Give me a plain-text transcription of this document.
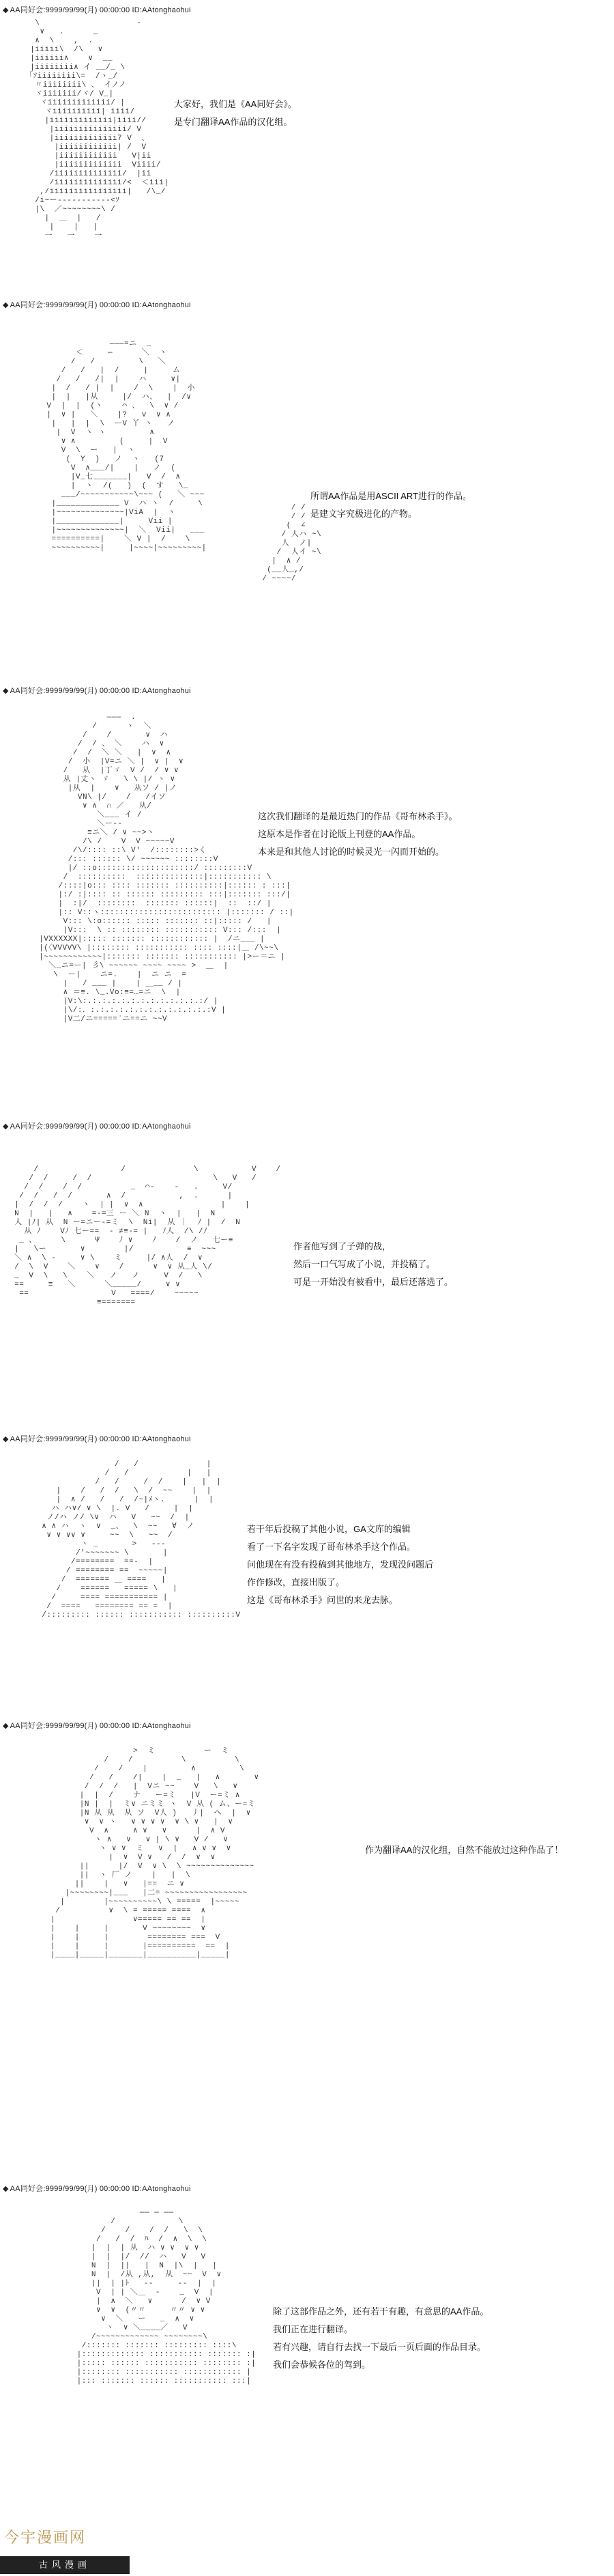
◆ AA同好会:9999/99/99(月) 00:00:00 ID:AAtonghaohui
\                    -
∨   .      _
∧  \    ,  .
|iiiii\  /\   ∨
|iiiiii∧    ∨  __
|iiiiiiii∧ イ __/_ \
「ｿiiiiiiii\=  /ヽ_/
〃iiiiiiii\ 、 イノノ
ヾiiiiiii/ヾ/ V_|
ヾiiiiiiiiiiiii/ |
ヾiiiiiiiiii| iiii/
|iiiiiiiiiiiii|iiii//
|iiiiiiiiiiiiiii/ V
|iiiiiiiiiiiii7 V  、
|iiiiiiiiiiii| /  V
|iiiiiiiiiiii   V|ii
|iiiiiiiiiiiii  Viiii/
/iiiiiiiiiiiiii/  |ii
/iiiiiiiiiiiiii/<  ＜iii|
,/iiiiiiiiiiiiiiii|   /\_/
/i~ー----‐--‐---<ｿ
|\  ／~~~~~~~~\ /
|  ＿  |   /
|    |   |
一   一    一

大家好，我们是《AA同好会》。

是专门翻译AA作品的汉化组。

◆ AA同好会:9999/99/99(月) 00:00:00 ID:AAtonghaohui
―――=ニ  _
＜     ―      ＼  ヽ
/   /         \   ＼
/   /   |  /     |     ム
/   /   /|  |    ハ     ∨|
|  /   / |  |    /  \    |  小
|  |   |从     |/  ハ、  |  /∨
V  |  |  (ヽ    ⌒ 、  \  ∨ /
|  ∨ |   ＼    |?   v  ∨ ∧
|   |  |  \  ーV 丫 ヽ   ノ
|  V  ヽ ヽ         ∧
∨ ∧         (     |  V
V  \  ー   |  ヽ
(  Y  )   ノ  ヽ   (7
V  ∧___/|    |   ノ  (
|V_七_______|   V  /  ∧
|  ヽ  /(   )  (  す   \_
___/~~~~~~~~~~~\~~~ (   ＼ ~~~
|_____________ V  ハ ヽ  /     \
|~~~~~~~~~~~~~~|ViA  |  ヽ
|_____________|     Vii |
|~~~~~~~~~~~~~~|  ＼  Vii|   ___
==========|    ＼ V |  /    \
~~~~~~~~~~|     |~~~~|~~~~~~~~~|
/ /
/ /
(  ∠
/ 人ハ ~\
人  ノ|
/  人イ ~\
|  ∧ /
(__人_,/
/ ~~~~/

所谓AA作品是用ASCII ART进行的作品。

是建文字究极进化的产物。

◆ AA同好会:9999/99/99(月) 00:00:00 ID:AAtonghaohui
―――  .
/      ヽ  ＼
/    /       ∨  ハ
/  / 、 ＼    ハ  ∨
/  /  ＼ ＼   |  ∨  ∧
/  小  |V=ニ ＼ |  ∨ |  ∨
/   从  |丁ゞ  V /  / ∨ ∨
从 |丈ヽ ゞ   \ \ |/ ヽ ∨
|从  |    ∨   从ソ / |ノ
VN\ |/    /   /イソ
∨ ∧  ∩ ／   从/
＼___ イ /
＼ー‐-
≡ニ＼ / ∨ ~~>ヽ
/\ /    V  V ~~~~~V
/\/:::: ::\ V'  /::::::::>く
/::: :::::: \/ ~~~~~~ ::::::::V
|/ ::o::::::::::::::::::::/ :::::::::V
/  ::::::::::  ::::::::::::::|::::::::::: \
/::::|o::: :::: ::::::: ::::::::::|:::::: : :::|
|:/ :|:::: :: :::::: ::::::::: :::|::::::: :::/|
|  :|/  ::::::::  ::::::: ::::::|  ::  ::/ |
|:: V::ヽ::::::::::::::::::::::::: |::::::: / ::|
V::: \:o:::::: ::::: ::::::: ::|::::: /   |
|V:::  \ :: :::::::: ::::::::::: V::: /:::  |
|VXXXXXX|::::: ::::::: :::::::::::: |  /ニ___ |
|(〈VVVVV\ |:::::::: ::::::::::: :::: ::::|＿ /\~~\
|~~~~~~~~~~~~|::::::: ::::::: ::::::::::: |>ー＝ニ |
＼_ニ=ー| 彡\ ~~~~~~ ~~~~ ~~~~ >  ＿  |
\  ー|    ニ=.    |  ニ ニ  =
|   / ___ |    | ＿__ / |
∧ ＝≡. \_.Vo:≡=…=ニ  \  |
|V:\:.:.:.:.:.:.:.:.:.:.:.:.:/ |
|\/:．:.:.:.:.:.:.:.:.:.:.:.:.:V |
|V二/ニ=====¨ニ==ニ ~~V

这次我们翻译的是最近热门的作品《哥布林杀手》。

这原本是作者在讨论版上刊登的AA作品。

本来是和其他人讨论的时候灵光一闪而开始的。

◆ AA同好会:9999/99/99(月) 00:00:00 ID:AAtonghaohui
/                 /              \           V    /
/  /     /  /                         \   V   /
/  /    /  /          _  ⌒‐    -   .     V/
/  /   /  /       ∧  /           ,  .      |
|  /  /  /    ヽ  | |  ∨  ∧                |    |
N  |   |   ∧    =‐=三 ー ＼ N  ヽ  |   |  N
人 |ﾉ| 从  N ー=ニー‐=ミ  \  Ni|  从 ｜  ﾉ |  /  N
从 ﾉ    Vﾉ 七ー==  ‐ ≠≡-= |   ﾉ人  /\ /ﾉ
_ 、     \      Ψ    ﾉ ∨    ﾉ    /  ノ   七ー≡
|   \ー       ∨        |/           ≡  ~~~
＼ ∧  \ -     ∨ \    ミ     |/ ∧人  /  ∨
/  \  V    ＼    ∨    /      ∨  ∨ 从_人 \/
_  V  \   \    ＼   ノ   ノ     V  /   \
==     ≡   ＼      ＼_____/     ∨ ∨
==                 V   ====/    ~~~~~
≡=======

作者他写到了子弹的战，

然后一口气写成了小说，并投稿了。

可是一开始没有被看中，最后还落选了。

◆ AA同好会:9999/99/99(月) 00:00:00 ID:AAtonghaohui
/   /              |
/   /            |   |
/   /     /  /    |   |  |
|    /   /  /   \  /  ~~    |  |
|  ∧ /   /   /  /~|ﾒヽ.      |  |
ハ ハ∨/ ∨ \  |. V   /     |  |
ノ/ハ ノ/ \∨  ハ   V   ~~  /  |
∧ ∧ ハ  ヽ  ∨  _、  \  ~~   ∀  ノ
∨ ∨ ∨∨ ∨     ~~  \   ~~  /
ヽ _       >   ‐-‐
/'~~~~~~~ \       |
/========  ==-  |
/ ======== ==  ~~~~~|
/  ======= ＿ ====   |
/    ======   ===== \   |
/     ==== =========== |
/  ====   ======== == =  |
/::::::::: :::::: ::::::::::: ::::::::::V

若干年后投稿了其他小说，GA文库的编辑

看了一下名字发现了哥布林杀手这个作品。

问他现在有没有投稿到其他地方，发现没问题后

作作修改，直接出版了。

这是《哥布林杀手》问世的来龙去脉。

◆ AA同好会:9999/99/99(月) 00:00:00 ID:AAtonghaohui
>  ミ          ー  ミ
/    /          \          \
/    /    |         ∧         \
/   /    /|    |  _   |   ∧       ∨
/  /  /   |  Vニ ~~    V   \   ∨
|  |  /    ナ   ー=ミ   |V  ー=ミ ∧
|N |  |  ミ∨ ニミミ ヽ  V 从 ( ム、ー=ミ
|N 从 从  从 ソ  V人 )   丿|  ヘ  |  ∨
∨  ∨ ヽ   ∨ ∨ ∨ ∨  ∨ \ ∨   |  ∨
V  ∧     ∧ ∨   ∨      |  ∧ V
ヽ ∧   ∨   ∨ | \ ∨   V /   ∨
ヽ ∨ ∨  ミ   ∨  |   ∧ ∨ ∨  ∨
|  ∨  V ∨   /  /  ∨  ∨
||      |/  V  ∨ \  \ ~~~~~~~~~~~~~~
||  ヽ 厂 ノ    |   |  \
||    |   ∨   |==  ニ ∨
|~~~~~~~~|___   |二= ~~~~~~~~~~~~~~~~~
|        |~~~~~~~~~~\ \ =====  |~~~~~
/          ∨  \ = ===== ====  ∧
|                ∨===== == ==  |
|    |     |       V ~~~~~~~~  ∨
|    |     |        ======== ===  V
|    |     |       |==========  ==  |
|____|_____|_______|__________|_____|

作为翻译AA的汉化组，自然不能放过这种作品了！

◆ AA同好会:9999/99/99(月) 00:00:00 ID:AAtonghaohui
―― ― ――
/             \
/    /    /  /   \  \
/   /  /  ﾊ  /  ∧  \  \
|  |  | 从  ハ ∨ ∨  ∨ ∨
|  |  |/  //  ハ   V   V
N  |  ||   |  N  |\  |   |
N  |  /从 ,从,  从  ~~  V  ∨
||  | |ﾄ   -‐     ‐-  |  |
V  | | ＼＿  -    _  V  |
|  ∧  ＼   ∨      /  ∨ V
∨  ∨  (〃〃     〃〃 ∨ ∨
∨  ＼   ー   _  ∧  ∨
ヽ  ∨ ＼____／   V
/~~~~~~~~~~~~~ ~~~~~~~~\
/::::::: ::::::: ::::::::: ::::\
|::::::::::::: ::::::::::: ::::::: :|
|::::: :::::: ::::::::::: :::::::: :|
|:::::::: ::::::::::: :::::::::::: |
|::: ::::::: :::::: ::::::::::: :::|

除了这部作品之外，还有若干有趣，有意思的AA作品。

我们正在进行翻译。

若有兴趣，请自行去找一下最后一页后面的作品目录。

我们会恭候各位的驾到。

今宇漫画网
古风漫画
